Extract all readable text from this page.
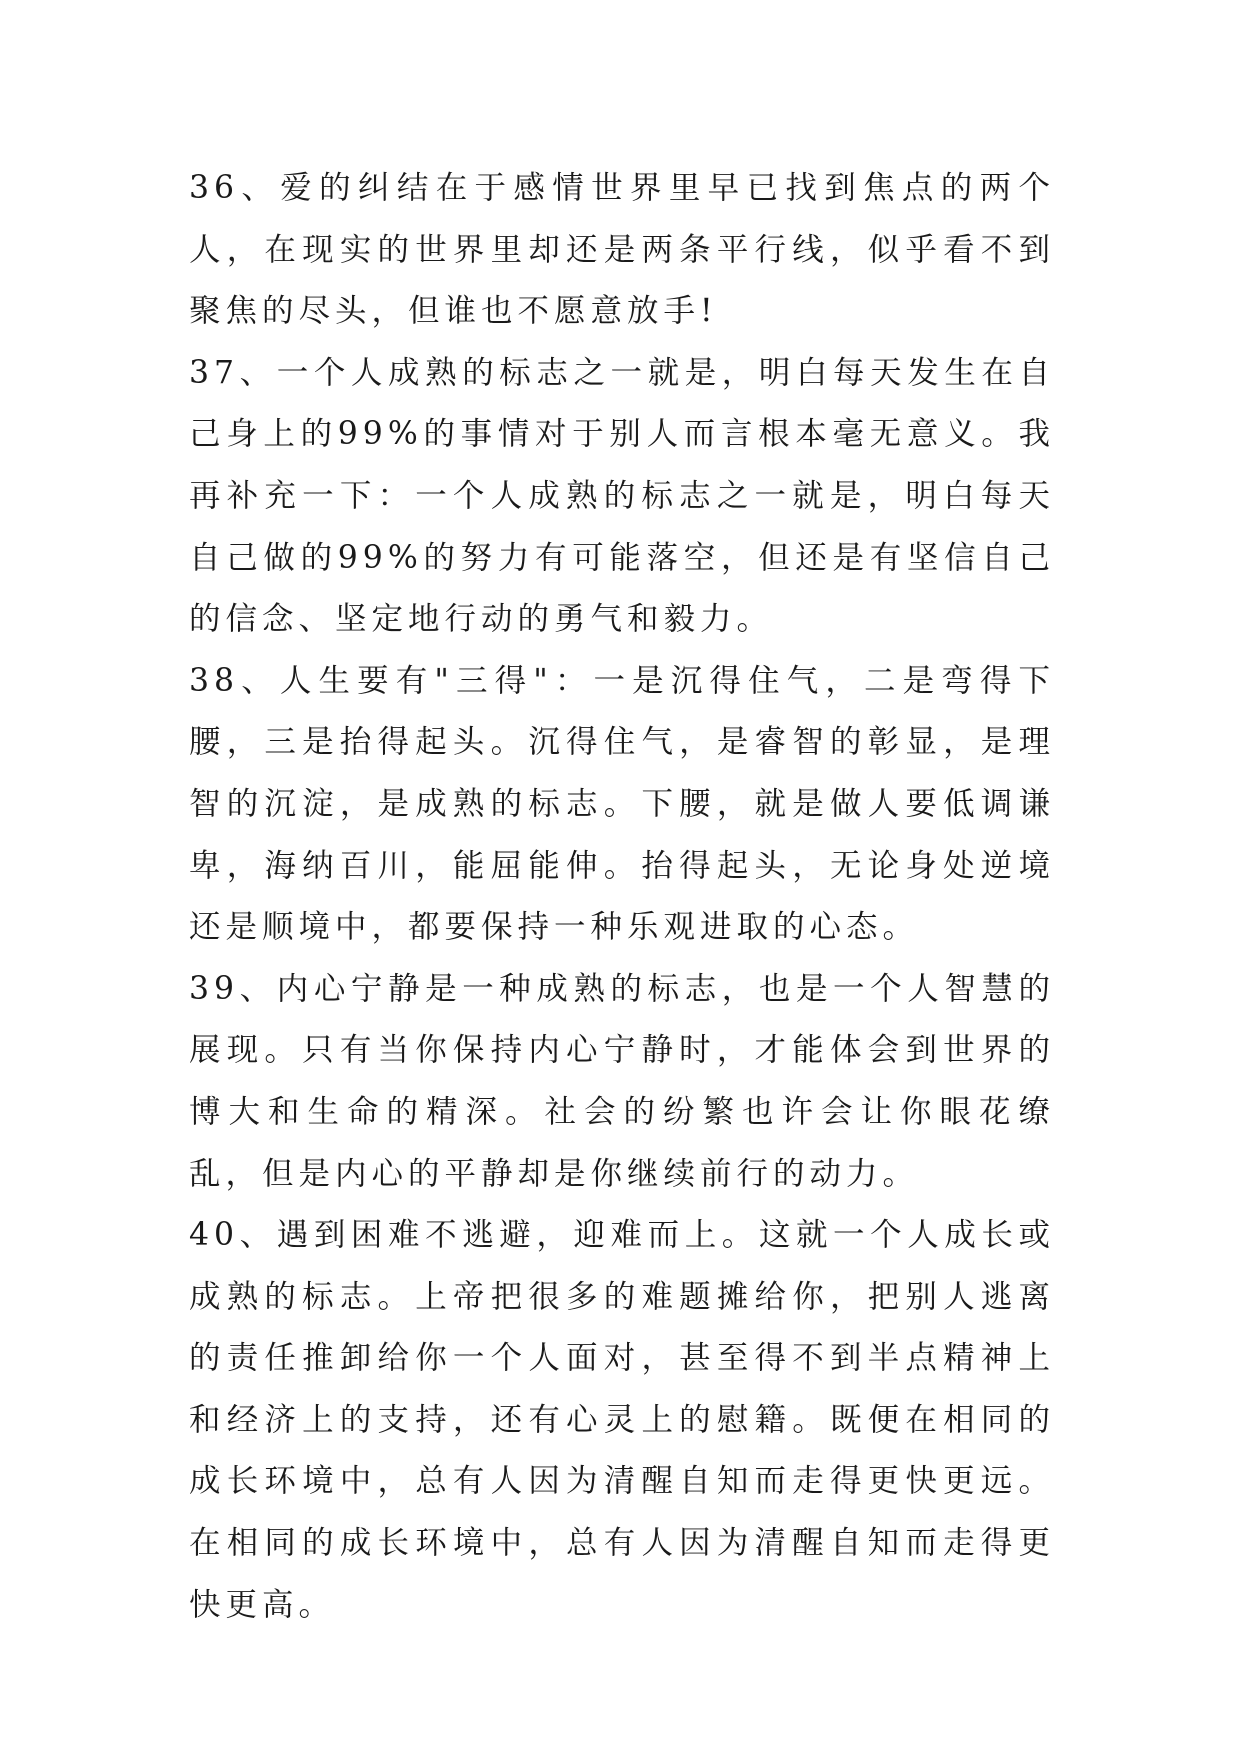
36、爱的纠结在于感情世界里早已找到焦点的两个人，在现实的世界里却还是两条平行线，似乎看不到聚焦的尽头，但谁也不愿意放手!

37、一个人成熟的标志之一就是，明白每天发生在自己身上的99%的事情对于别人而言根本毫无意义。我再补充一下：一个人成熟的标志之一就是，明白每天自己做的99%的努力有可能落空，但还是有坚信自己的信念、坚定地行动的勇气和毅力。

38、人生要有"三得"：一是沉得住气，二是弯得下腰，三是抬得起头。沉得住气，是睿智的彰显，是理智的沉淀，是成熟的标志。下腰，就是做人要低调谦卑，海纳百川，能屈能伸。抬得起头，无论身处逆境还是顺境中，都要保持一种乐观进取的心态。

39、内心宁静是一种成熟的标志，也是一个人智慧的展现。只有当你保持内心宁静时，才能体会到世界的博大和生命的精深。社会的纷繁也许会让你眼花缭乱，但是内心的平静却是你继续前行的动力。

40、遇到困难不逃避，迎难而上。这就一个人成长或成熟的标志。上帝把很多的难题摊给你，把别人逃离的责任推卸给你一个人面对，甚至得不到半点精神上和经济上的支持，还有心灵上的慰籍。既便在相同的成长环境中，总有人因为清醒自知而走得更快更远。在相同的成长环境中，总有人因为清醒自知而走得更快更高。
